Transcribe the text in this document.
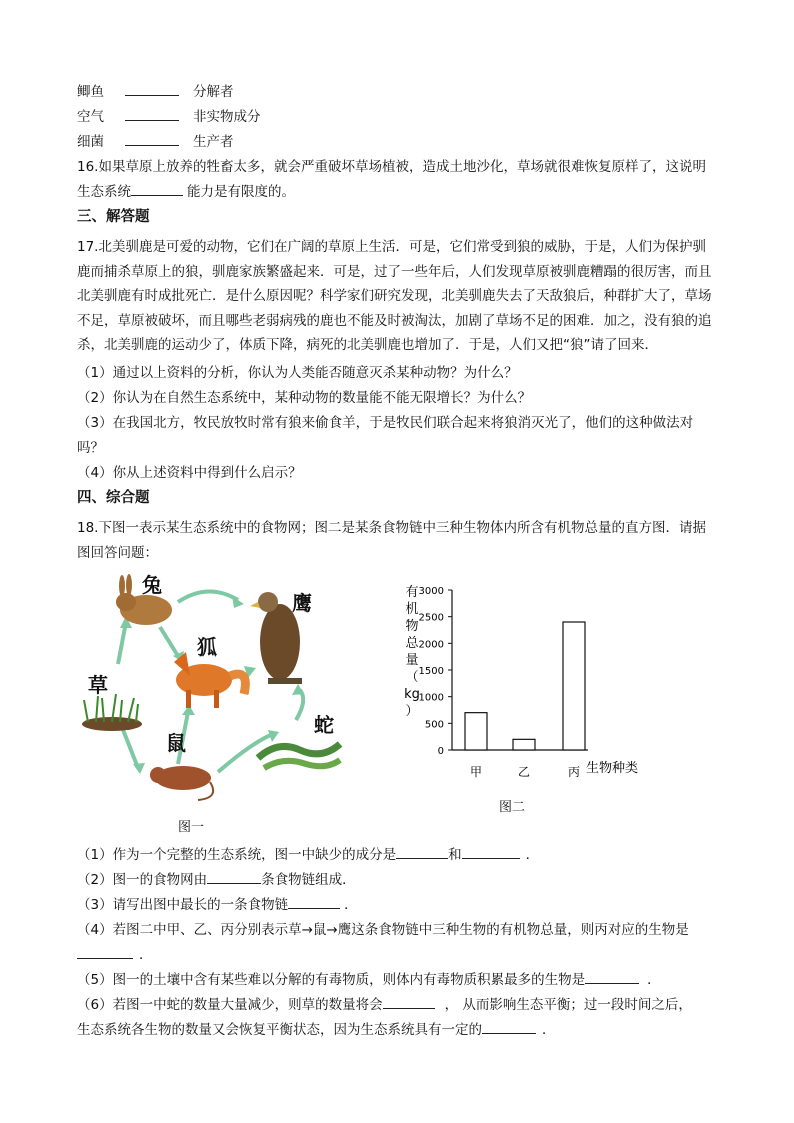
鲫鱼	分解者
空气	非实物成分
细菌	生产者
16.如果草原上放养的牲畜太多，就会严重破坏草场植被，造成土地沙化，草场就很难恢复原样了，这说明
生态系统	能力是有限度的。
三、解答题
17.北美驯鹿是可爱的动物，它们在广阔的草原上生活．可是，它们常受到狼的威胁，于是，人们为保护驯鹿而捕杀草原上的狼，驯鹿家族繁盛起来．可是，过了一些年后，人们发现草原被驯鹿糟蹋的很厉害，而且北美驯鹿有时成批死亡．是什么原因呢？科学家们研究发现，北美驯鹿失去了天敌狼后，种群扩大了，草场不足，草原被破坏，而且哪些老弱病残的鹿也不能及时被淘汰，加剧了草场不足的困难．加之，没有狼的追杀，北美驯鹿的运动少了，体质下降，病死的北美驯鹿也增加了．于是，人们又把“狼”请了回来．
（1）通过以上资料的分析，你认为人类能否随意灭杀某种动物？为什么？
（2）你认为在自然生态系统中，某种动物的数量能不能无限增长？为什么？
（3）在我国北方，牧民放牧时常有狼来偷食羊，于是牧民们联合起来将狼消灭光了，他们的这种做法对
吗？
（4）你从上述资料中得到什么启示？
四、综合题
18.下图一表示某生态系统中的食物网；图二是某条食物链中三种生物体内所含有机物总量的直方图．请据图回答问题：
兔
鹰
狐
草
鼠
蛇
图一
有
机
物
总
量
（
kg
）
0
500
1000
1500
2000
2500
3000
甲	乙	丙 生物种类
图二
（1）作为一个完整的生态系统，图一中缺少的成分是	和	．
（2）图一的食物网由	条食物链组成．
（3）请写出图中最长的一条食物链	．
（4）若图二中甲、乙、丙分别表示草→鼠→鹰这条食物链中三种生物的有机物总量，则丙对应的生物是
．
（5）图一的土壤中含有某些难以分解的有毒物质，则体内有毒物质积累最多的生物是	．
（6）若图一中蛇的数量大量减少，则草的数量将会	， 从而影响生态平衡；过一段时间之后，
生态系统各生物的数量又会恢复平衡状态，因为生态系统具有一定的	．
